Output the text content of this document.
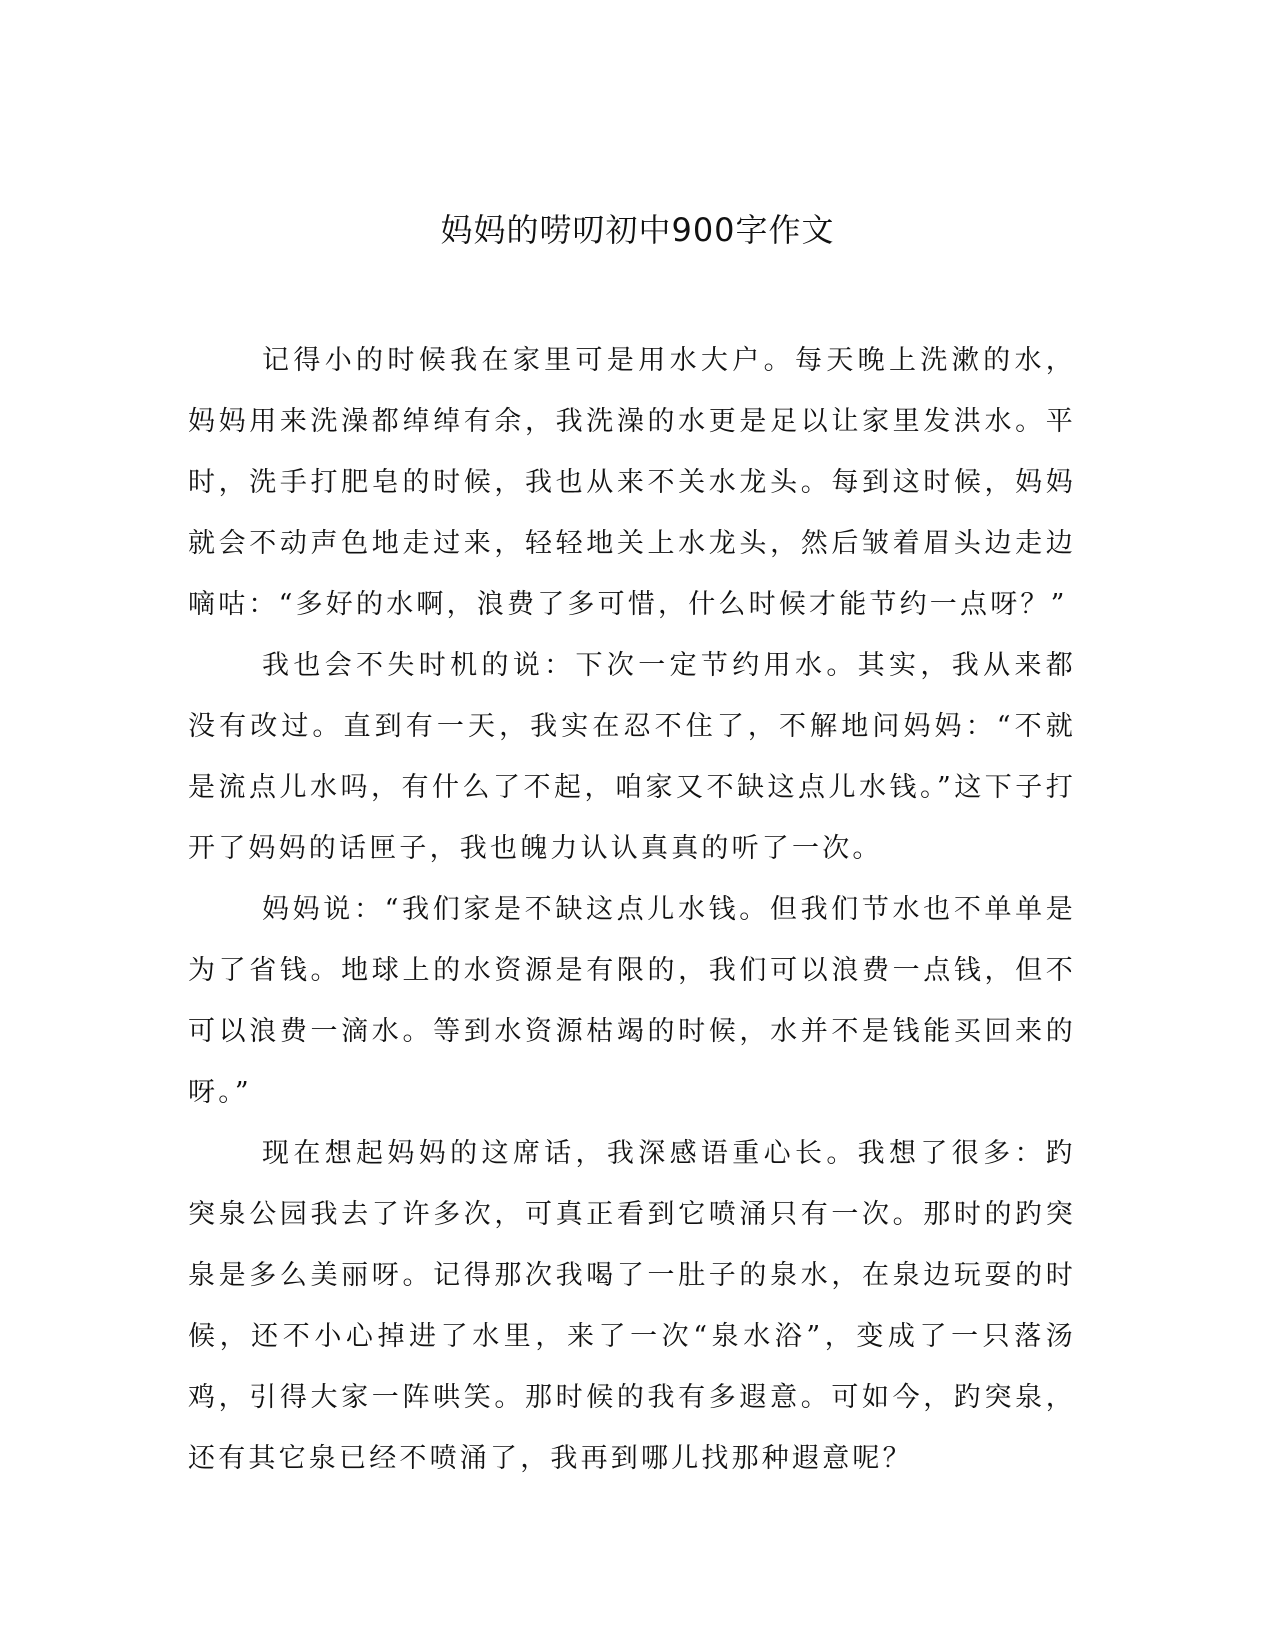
妈妈的唠叨初中900字作文

记得小的时候我在家里可是用水大户。每天晚上洗漱的水，妈妈用来洗澡都绰绰有余，我洗澡的水更是足以让家里发洪水。平时，洗手打肥皂的时候，我也从来不关水龙头。每到这时候，妈妈就会不动声色地走过来，轻轻地关上水龙头，然后皱着眉头边走边嘀咕：“多好的水啊，浪费了多可惜，什么时候才能节约一点呀？”

我也会不失时机的说：下次一定节约用水。其实，我从来都没有改过。直到有一天，我实在忍不住了，不解地问妈妈：“不就是流点儿水吗，有什么了不起，咱家又不缺这点儿水钱。”这下子打开了妈妈的话匣子，我也魄力认认真真的听了一次。

妈妈说：“我们家是不缺这点儿水钱。但我们节水也不单单是为了省钱。地球上的水资源是有限的，我们可以浪费一点钱，但不可以浪费一滴水。等到水资源枯竭的时候，水并不是钱能买回来的呀。”

现在想起妈妈的这席话，我深感语重心长。我想了很多：趵突泉公园我去了许多次，可真正看到它喷涌只有一次。那时的趵突泉是多么美丽呀。记得那次我喝了一肚子的泉水，在泉边玩耍的时候，还不小心掉进了水里，来了一次“泉水浴”，变成了一只落汤鸡，引得大家一阵哄笑。那时候的我有多遐意。可如今，趵突泉，还有其它泉已经不喷涌了，我再到哪儿找那种遐意呢？
